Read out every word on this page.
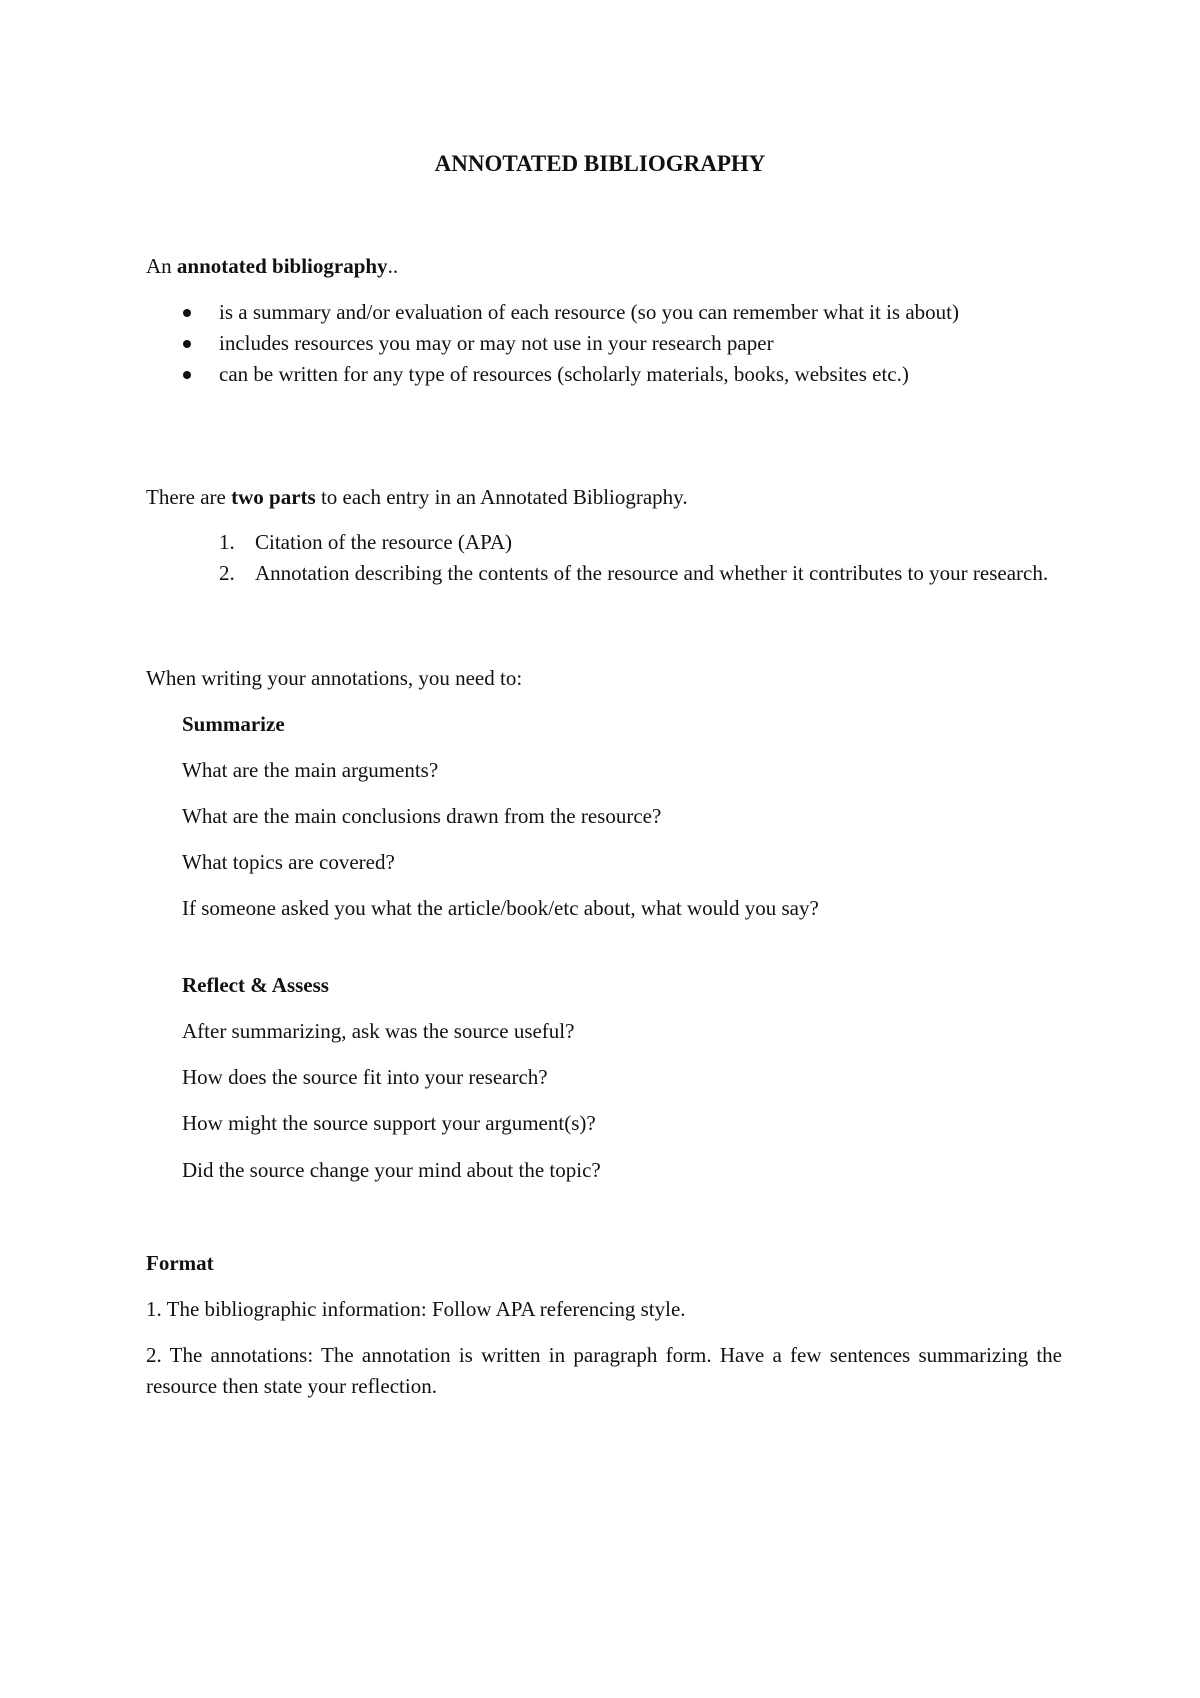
ANNOTATED BIBLIOGRAPHY

An annotated bibliography..

is a summary and/or evaluation of each resource (so you can remember what it is about)
includes resources you may or may not use in your research paper
can be written for any type of resources (scholarly materials, books, websites etc.)

There are two parts to each entry in an Annotated Bibliography.

1. Citation of the resource (APA)
2. Annotation describing the contents of the resource and whether it contributes to your research.

When writing your annotations, you need to:

Summarize

What are the main arguments?

What are the main conclusions drawn from the resource?

What topics are covered?

If someone asked you what the article/book/etc about, what would you say?

Reflect & Assess

After summarizing, ask was the source useful?

How does the source fit into your research?

How might the source support your argument(s)?

Did the source change your mind about the topic?

Format

1. The bibliographic information: Follow APA referencing style.

2. The annotations: The annotation is written in paragraph form. Have a few sentences summarizing the resource then state your reflection.
